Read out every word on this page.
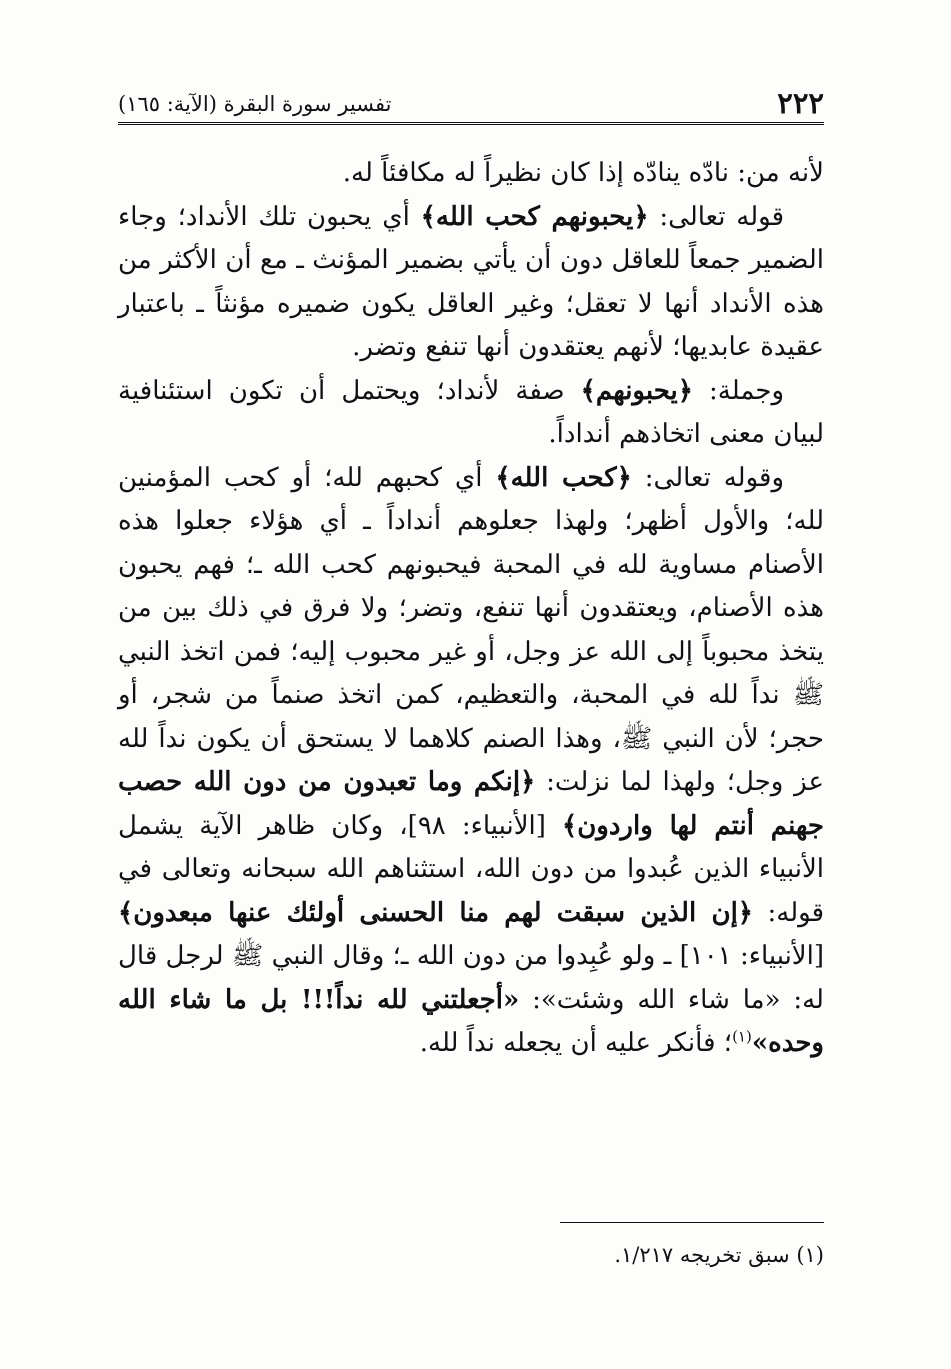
٢٢٢
تفسير سورة البقرة (الآية: ١٦٥)

لأنه من: نادّه ينادّه إذا كان نظيراً له مكافئاً له.

قوله تعالى: ﴿يحبونهم كحب الله﴾ أي يحبون تلك الأنداد؛ وجاء الضمير جمعاً للعاقل دون أن يأتي بضمير المؤنث ـ مع أن الأكثر من هذه الأنداد أنها لا تعقل؛ وغير العاقل يكون ضميره مؤنثاً ـ باعتبار عقيدة عابديها؛ لأنهم يعتقدون أنها تنفع وتضر.

وجملة: ﴿يحبونهم﴾ صفة لأنداد؛ ويحتمل أن تكون استئنافية لبيان معنى اتخاذهم أنداداً.

وقوله تعالى: ﴿كحب الله﴾ أي كحبهم لله؛ أو كحب المؤمنين لله؛ والأول أظهر؛ ولهذا جعلوهم أنداداً ـ أي هؤلاء جعلوا هذه الأصنام مساوية لله في المحبة فيحبونهم كحب الله ـ؛ فهم يحبون هذه الأصنام، ويعتقدون أنها تنفع، وتضر؛ ولا فرق في ذلك بين من يتخذ محبوباً إلى الله عز وجل، أو غير محبوب إليه؛ فمن اتخذ النبي ﷺ نداً لله في المحبة، والتعظيم، كمن اتخذ صنماً من شجر، أو حجر؛ لأن النبي ﷺ، وهذا الصنم كلاهما لا يستحق أن يكون نداً لله عز وجل؛ ولهذا لما نزلت: ﴿إنكم وما تعبدون من دون الله حصب جهنم أنتم لها واردون﴾ [الأنبياء: ٩٨]، وكان ظاهر الآية يشمل الأنبياء الذين عُبدوا من دون الله، استثناهم الله سبحانه وتعالى في قوله: ﴿إن الذين سبقت لهم منا الحسنى أولئك عنها مبعدون﴾ [الأنبياء: ١٠١] ـ ولو عُبِدوا من دون الله ـ؛ وقال النبي ﷺ لرجل قال له: «ما شاء الله وشئت»: «أجعلتني لله نداً!!! بل ما شاء الله وحده»$^{(١)}$؛ فأنكر عليه أن يجعله نداً لله.

(١) سبق تخريجه ١/٢١٧.
